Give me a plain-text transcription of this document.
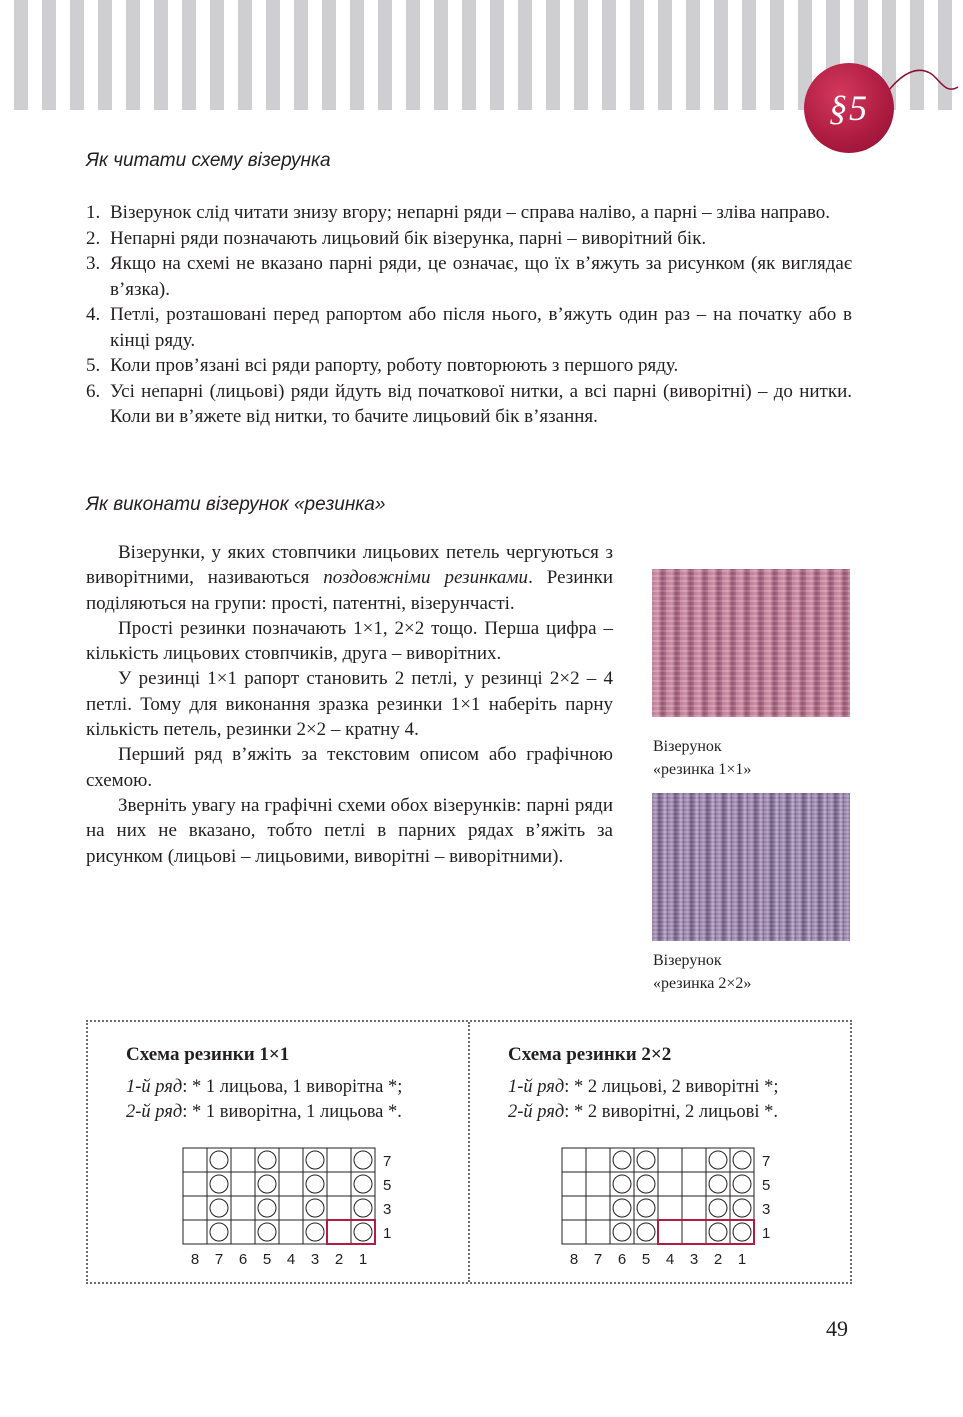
§5
Як читати схему візерунка
1. Візерунок слід читати знизу вгору; непарні ряди – справа наліво, а парні – зліва направо.
2. Непарні ряди позначають лицьовий бік візерунка, парні – виворітний бік.
3. Якщо на схемі не вказано парні ряди, це означає, що їх в’яжуть за рисунком (як виглядає в’язка).
4. Петлі, розташовані перед рапортом або після нього, в’яжуть один раз – на початку або в кінці ряду.
5. Коли пров’язані всі ряди рапорту, роботу повторюють з першого ряду.
6. Усі непарні (лицьові) ряди йдуть від початкової нитки, а всі парні (виворітні) – до нитки. Коли ви в’яжете від нитки, то бачите лицьовий бік в’язання.
Як виконати візерунок «резинка»

Візерунки, у яких стовпчики лицьових петель чергуються з виворітними, називаються поздовжніми резинками. Резинки поділяються на групи: прості, патентні, візерунчасті.

Прості резинки позначають 1×1, 2×2 тощо. Перша цифра – кількість лицьових стовпчиків, друга – виворітних.

У резинці 1×1 рапорт становить 2 петлі, у резинці 2×2 – 4 петлі. Тому для виконання зразка резинки 1×1 наберіть парну кількість петель, резинки 2×2 – кратну 4.

Перший ряд в’яжіть за текстовим описом або графічною схемою.

Зверніть увагу на графічні схеми обох візерунків: парні ряди на них не вказано, тобто петлі в парних рядах в’яжіть за рисунком (лицьові – лицьовими, виворітні – виворітними).

Візерунок
«резинка 1×1»
Візерунок
«резинка 2×2»
Схема резинки 1×1
1-й ряд: * 1 лицьова, 1 виворітна *;
2-й ряд: * 1 виворітна, 1 лицьова *.
7
5
3
1
8 7 6 5 4 3 2 1
Схема резинки 2×2
1-й ряд: * 2 лицьові, 2 виворітні *;
2-й ряд: * 2 виворітні, 2 лицьові *.
7
5
3
1
8 7 6 5 4 3 2 1
49
